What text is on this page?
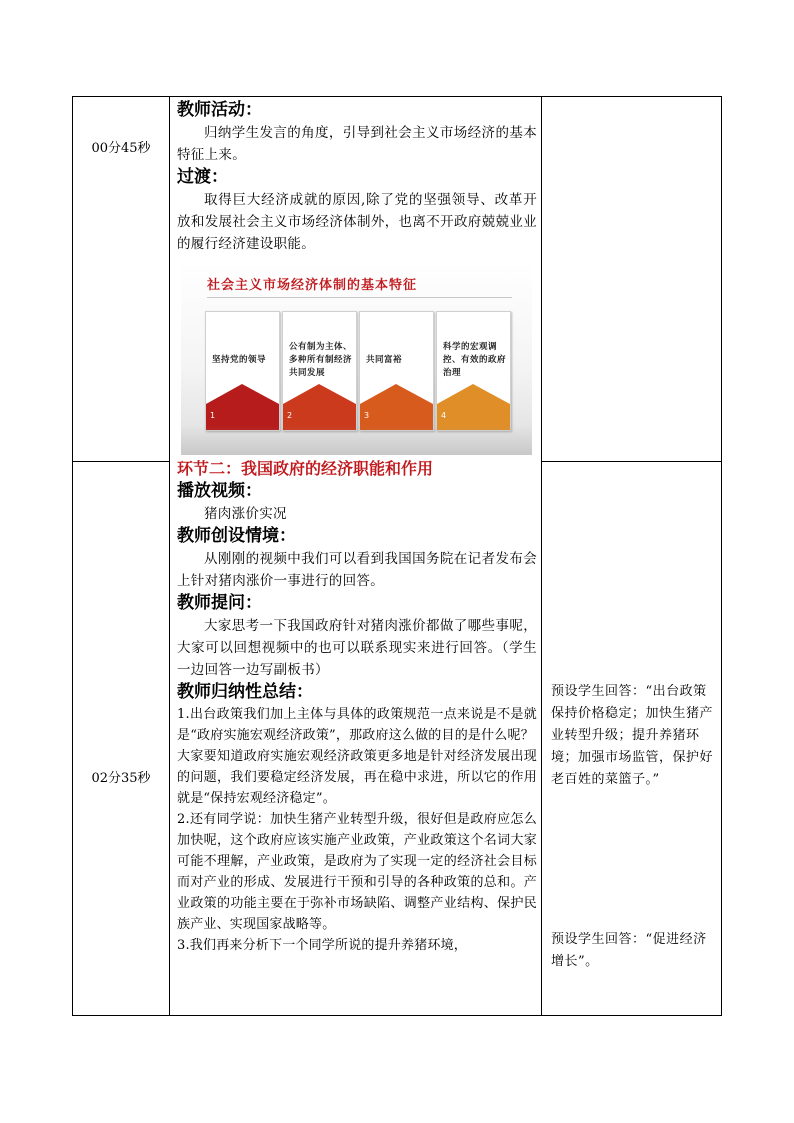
00分45秒
02分35秒
教师活动：
归纳学生发言的角度，引导到社会主义市场经济的基本特征上来。
过渡：
取得巨大经济成就的原因,除了党的坚强领导、改革开放和发展社会主义市场经济体制外，也离不开政府兢兢业业的履行经济建设职能。
社会主义市场经济体制的基本特征
坚持党的领导
1
公有制为主体、多种所有制经济共同发展
2
共同富裕
3
科学的宏观调控、有效的政府治理
4
环节二：我国政府的经济职能和作用
播放视频：
猪肉涨价实况
教师创设情境：
从刚刚的视频中我们可以看到我国国务院在记者发布会上针对猪肉涨价一事进行的回答。
教师提问：
大家思考一下我国政府针对猪肉涨价都做了哪些事呢，大家可以回想视频中的也可以联系现实来进行回答。（学生一边回答一边写副板书）
教师归纳性总结：
1.出台政策我们加上主体与具体的政策规范一点来说是不是就是“政府实施宏观经济政策”，那政府这么做的目的是什么呢？
大家要知道政府实施宏观经济政策更多地是针对经济发展出现的问题，我们要稳定经济发展，再在稳中求进，所以它的作用就是“保持宏观经济稳定”。
2.还有同学说：加快生猪产业转型升级，很好但是政府应怎么加快呢，这个政府应该实施产业政策，产业政策这个名词大家可能不理解，产业政策，是政府为了实现一定的经济社会目标而对产业的形成、发展进行干预和引导的各种政策的总和。产业政策的功能主要在于弥补市场缺陷、调整产业结构、保护民族产业、实现国家战略等。
3.我们再来分析下一个同学所说的提升养猪环境，
预设学生回答：“出台政策保持价格稳定；加快生猪产业转型升级；提升养猪环境；加强市场监管，保护好老百姓的菜篮子。”
预设学生回答：“促进经济增长”。
